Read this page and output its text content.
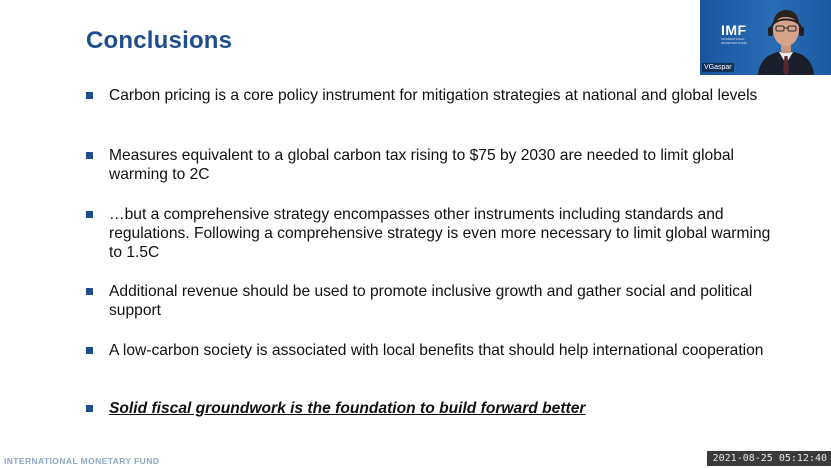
Conclusions
Carbon pricing is a core policy instrument for mitigation strategies at national and global levels
Measures equivalent to a global carbon tax rising to $75 by 2030 are needed to limit global warming to 2C
…but a comprehensive strategy encompasses other instruments including standards and regulations. Following a comprehensive strategy is even more necessary to limit global warming to 1.5C
Additional revenue should be used to promote inclusive growth and gather social and political support
A low-carbon society is associated with local benefits that should help international cooperation
Solid fiscal groundwork is the foundation to build forward better
INTERNATIONAL MONETARY FUND
IMF
INTERNATIONAL MONETARY FUND
VGaspar
2021-08-25 05:12:40
